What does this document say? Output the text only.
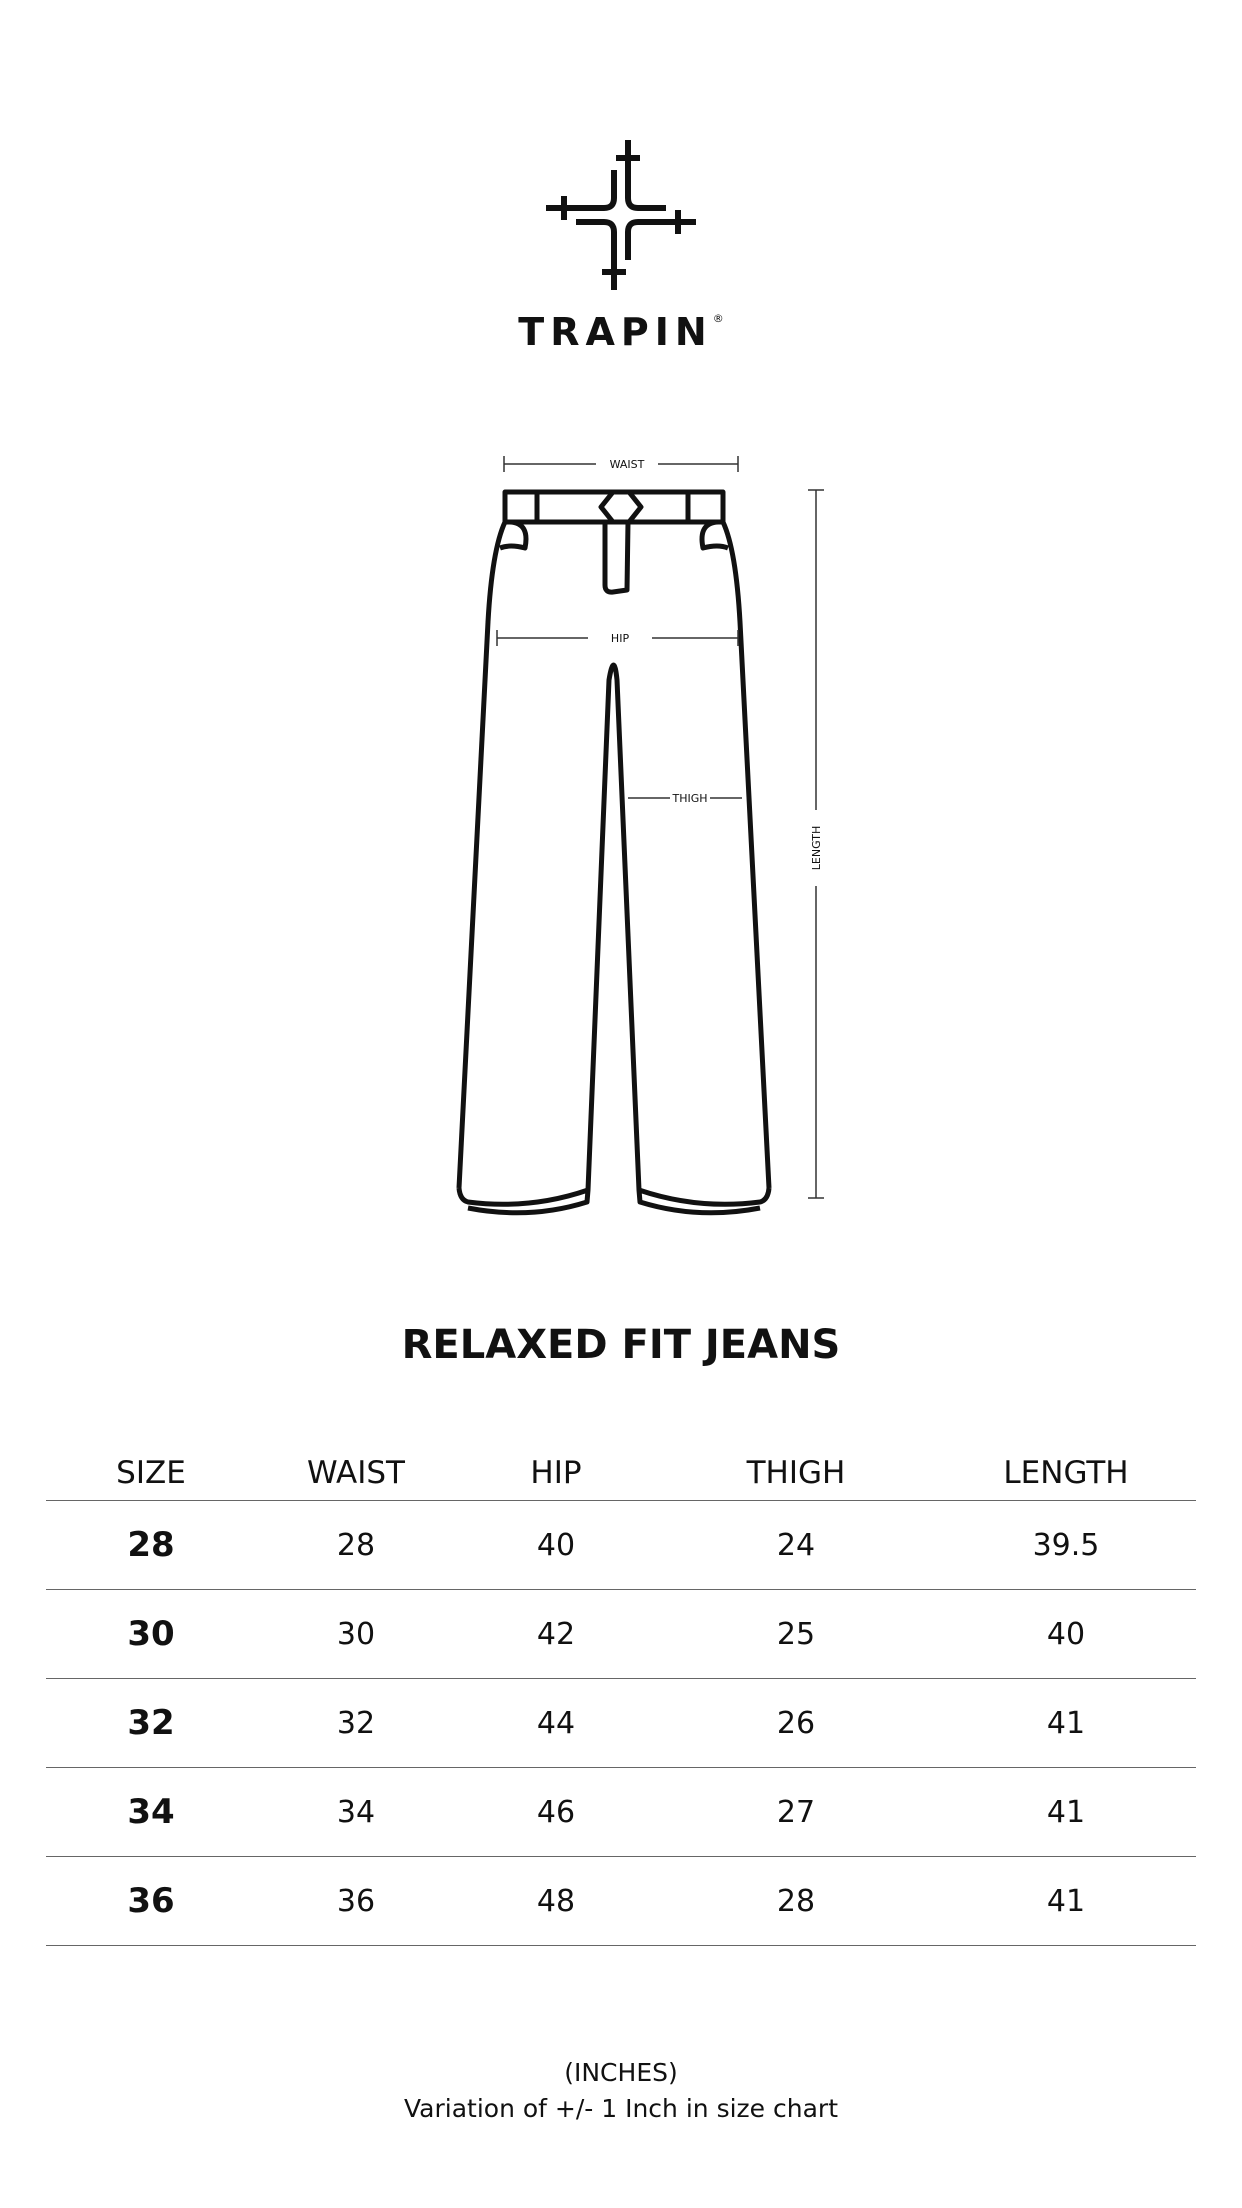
TRAPIN®
WAIST
HIP
THIGH
LENGTH
RELAXED FIT JEANS
SIZE	WAIST	HIP	THIGH	LENGTH
28	28	40	24	39.5
30	30	42	25	40
32	32	44	26	41
34	34	46	27	41
36	36	48	28	41
(INCHES)
Variation of +/- 1 Inch in size chart
